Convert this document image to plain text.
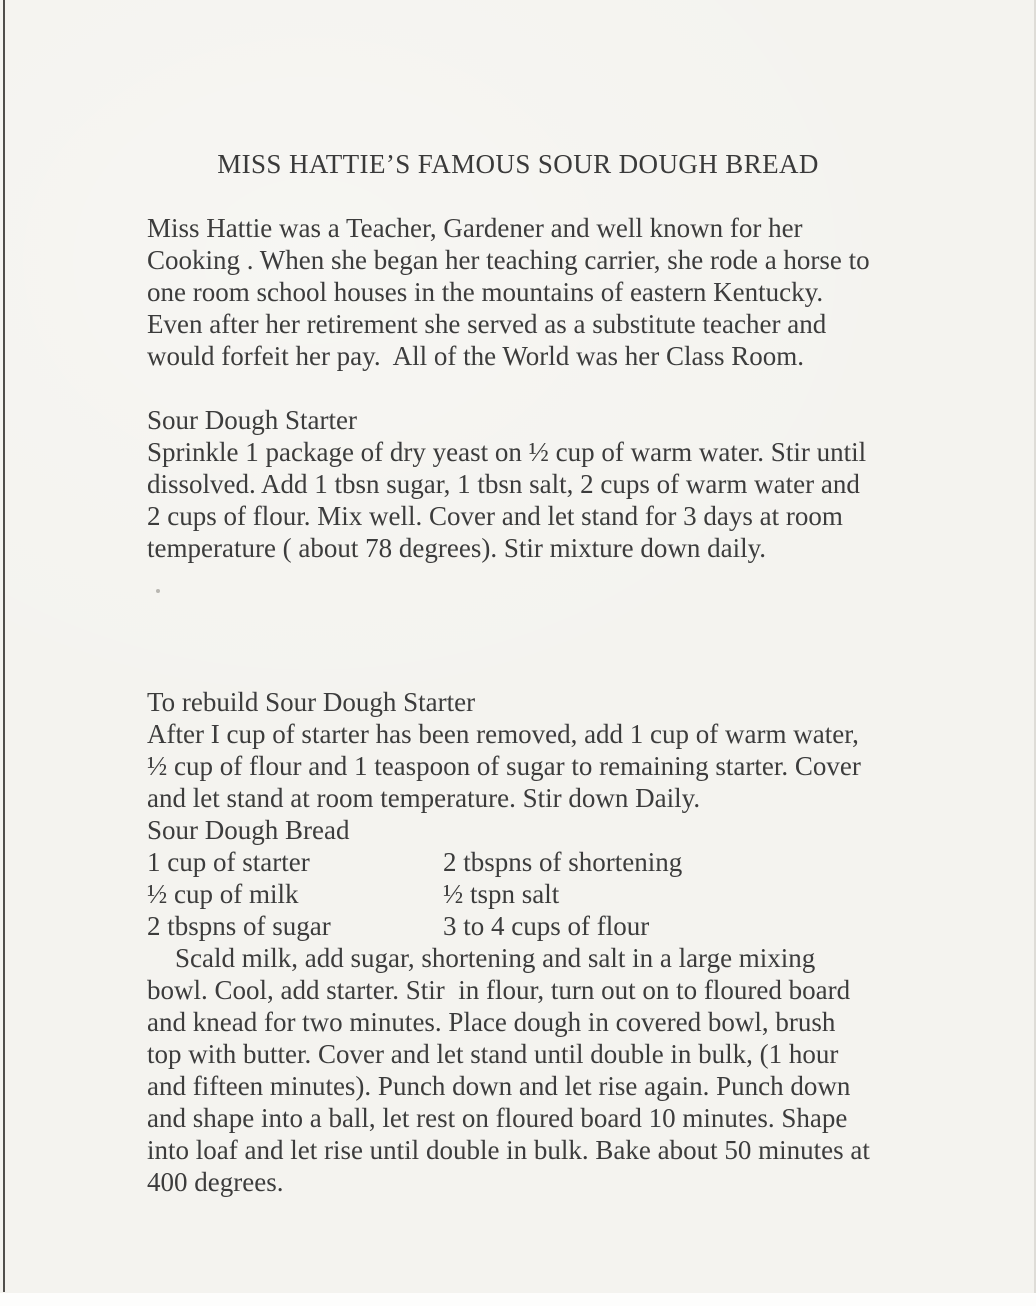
MISS HATTIE’S FAMOUS SOUR DOUGH BREAD
Miss Hattie was a Teacher, Gardener and well known for her
Cooking . When she began her teaching carrier, she rode a horse to
one room school houses in the mountains of eastern Kentucky.
Even after her retirement she served as a substitute teacher and
would forfeit her pay.  All of the World was her Class Room.
Sour Dough Starter
Sprinkle 1 package of dry yeast on ½ cup of warm water. Stir until
dissolved. Add 1 tbsn sugar, 1 tbsn salt, 2 cups of warm water and
2 cups of flour. Mix well. Cover and let stand for 3 days at room
temperature ( about 78 degrees). Stir mixture down daily.
To rebuild Sour Dough Starter
After I cup of starter has been removed, add 1 cup of warm water,
½ cup of flour and 1 teaspoon of sugar to remaining starter. Cover
and let stand at room temperature. Stir down Daily.
Sour Dough Bread
1 cup of starter
½ cup of milk
2 tbspns of sugar
2 tbspns of shortening
½ tspn salt
3 to 4 cups of flour
Scald milk, add sugar, shortening and salt in a large mixing
bowl. Cool, add starter. Stir  in flour, turn out on to floured board
and knead for two minutes. Place dough in covered bowl, brush
top with butter. Cover and let stand until double in bulk, (1 hour
and fifteen minutes). Punch down and let rise again. Punch down
and shape into a ball, let rest on floured board 10 minutes. Shape
into loaf and let rise until double in bulk. Bake about 50 minutes at
400 degrees.
